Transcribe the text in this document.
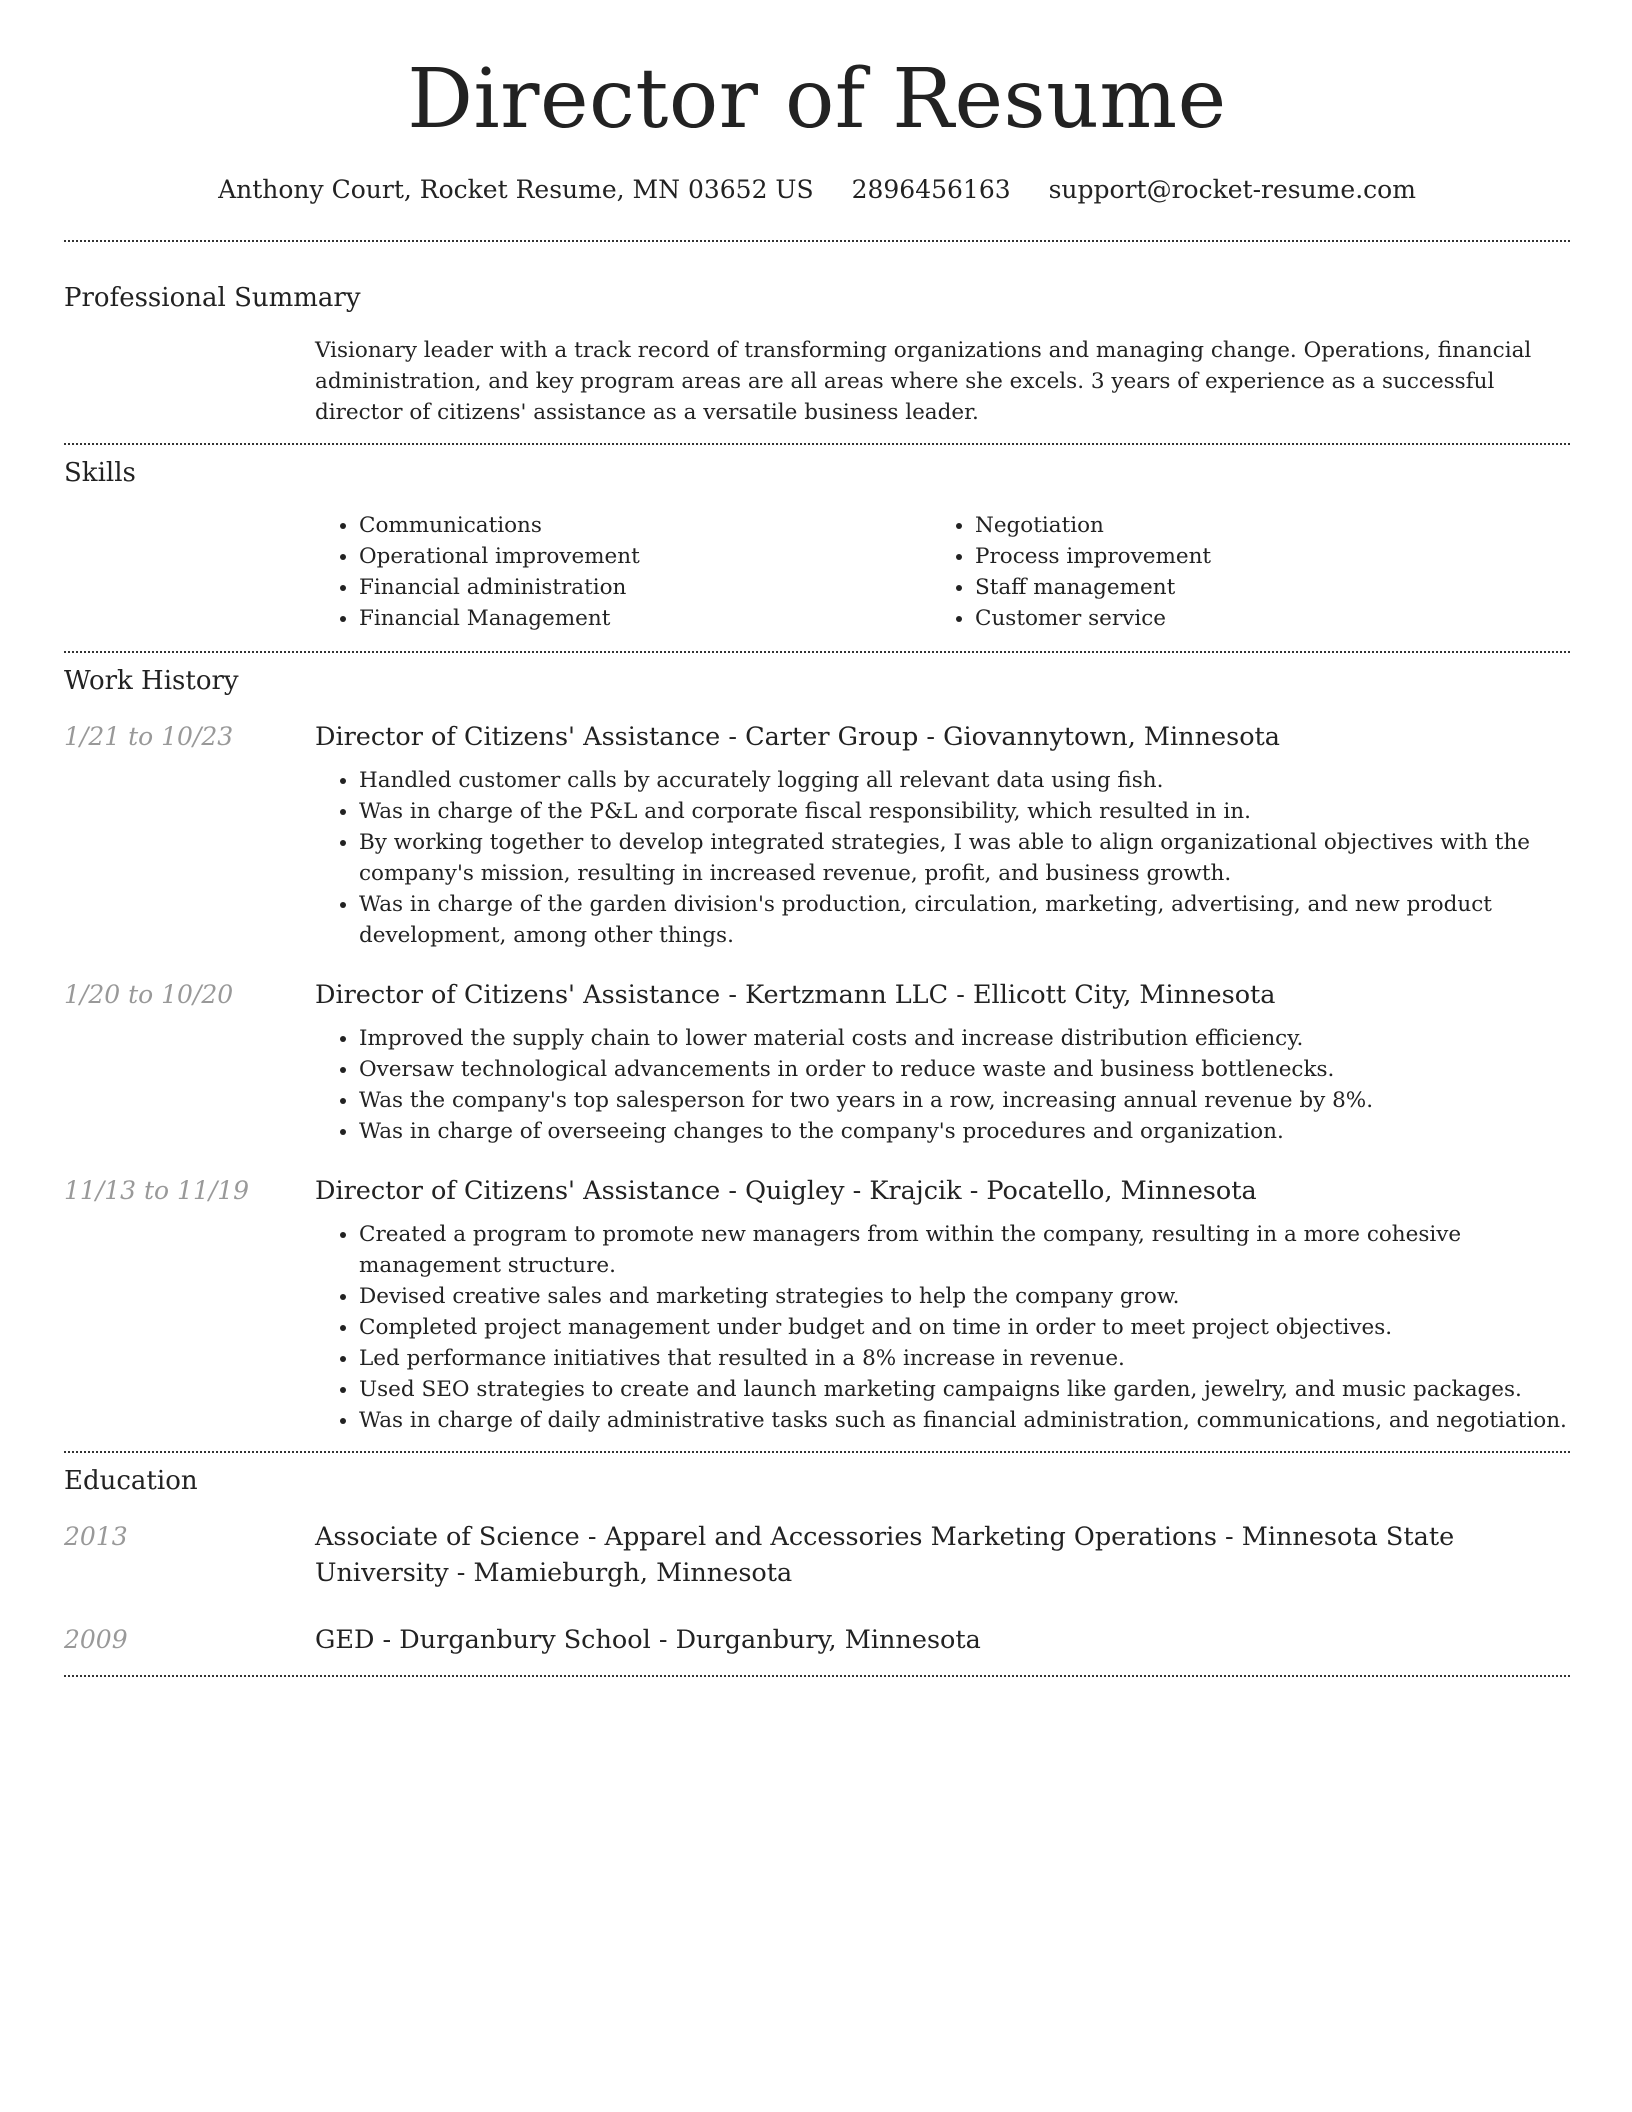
Director of Resume
Anthony Court, Rocket Resume, MN 03652 US 2896456163 support@rocket-resume.com
Professional Summary

Visionary leader with a track record of transforming organizations and managing change. Operations, financial administration, and key program areas are all areas where she excels. 3 years of experience as a successful director of citizens' assistance as a versatile business leader.

Skills
• Communications
• Operational improvement
• Financial administration
• Financial Management
• Negotiation
• Process improvement
• Staff management
• Customer service
Work History
1/21 to 10/23	Director of Citizens' Assistance - Carter Group - Giovannytown, Minnesota
• Handled customer calls by accurately logging all relevant data using fish.
• Was in charge of the P&L and corporate fiscal responsibility, which resulted in in.
• By working together to develop integrated strategies, I was able to align organizational objectives with the company's mission, resulting in increased revenue, profit, and business growth.
• Was in charge of the garden division's production, circulation, marketing, advertising, and new product development, among other things.
1/20 to 10/20	Director of Citizens' Assistance - Kertzmann LLC - Ellicott City, Minnesota
• Improved the supply chain to lower material costs and increase distribution efficiency.
• Oversaw technological advancements in order to reduce waste and business bottlenecks.
• Was the company's top salesperson for two years in a row, increasing annual revenue by 8%.
• Was in charge of overseeing changes to the company's procedures and organization.
11/13 to 11/19	Director of Citizens' Assistance - Quigley - Krajcik - Pocatello, Minnesota
• Created a program to promote new managers from within the company, resulting in a more cohesive management structure.
• Devised creative sales and marketing strategies to help the company grow.
• Completed project management under budget and on time in order to meet project objectives.
• Led performance initiatives that resulted in a 8% increase in revenue.
• Used SEO strategies to create and launch marketing campaigns like garden, jewelry, and music packages.
• Was in charge of daily administrative tasks such as financial administration, communications, and negotiation.
Education
2013	Associate of Science - Apparel and Accessories Marketing Operations - Minnesota State University - Mamieburgh, Minnesota
2009	GED - Durganbury School - Durganbury, Minnesota
